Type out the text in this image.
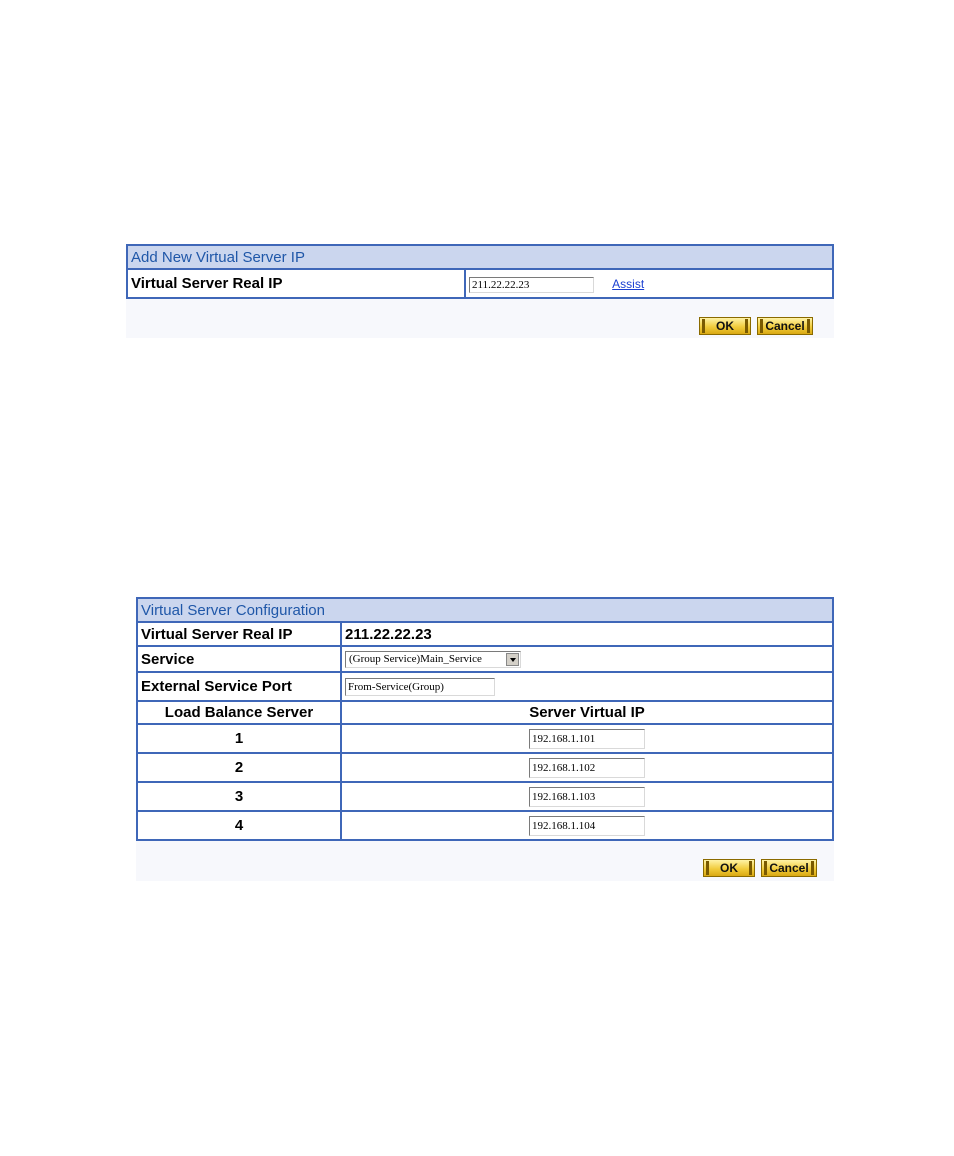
Add New Virtual Server IP
Virtual Server Real IP	211.22.22.23Assist
OK	Cancel
Virtual Server Configuration	
Virtual Server Real IP	211.22.22.23
Service	(Group Service)Main_Service

External Service Port	From-Service(Group)
Load Balance Server	Server Virtual IP
1	192.168.1.101
2	192.168.1.102
3	192.168.1.103
4	192.168.1.104
OK	Cancel
